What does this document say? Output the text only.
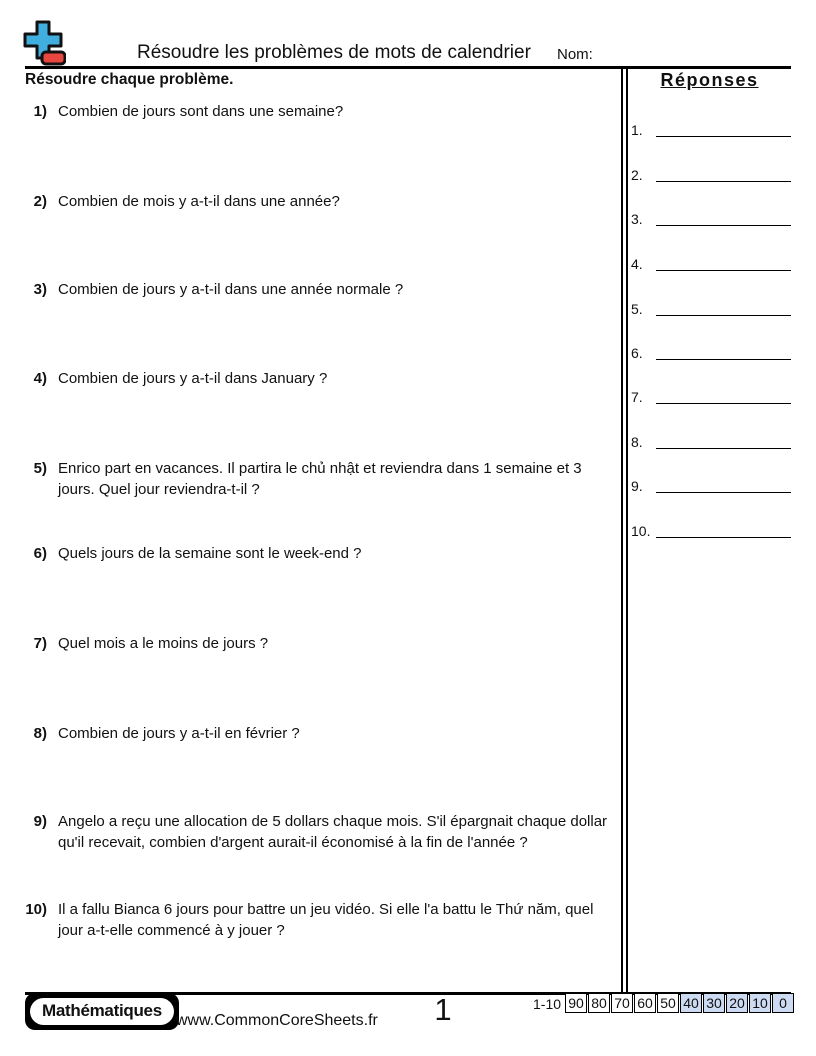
Résoudre les problèmes de mots de calendrier Nom:
Résoudre chaque problème.
1) Combien de jours sont dans une semaine?
2) Combien de mois y a-t-il dans une année?
3) Combien de jours y a-t-il dans une année normale ?
4) Combien de jours y a-t-il dans January ?
5) Enrico part en vacances. Il partira le chủ nhật et reviendra dans 1 semaine et 3 jours. Quel jour reviendra-t-il ?
6) Quels jours de la semaine sont le week-end ?
7) Quel mois a le moins de jours ?
8) Combien de jours y a-t-il en février ?
9) Angelo a reçu une allocation de 5 dollars chaque mois. S'il épargnait chaque dollar qu'il recevait, combien d'argent aurait-il économisé à la fin de l'année ?
10) Il a fallu Bianca 6 jours pour battre un jeu vidéo. Si elle l'a battu le Thứ năm, quel jour a-t-elle commencé à y jouer ?
Réponses
1.
2.
3.
4.
5.
6.
7.
8.
9.
10.
Mathématiques
www.CommonCoreSheets.fr	1	1-10 90 80 70 60 50 40 30 20 10 0
